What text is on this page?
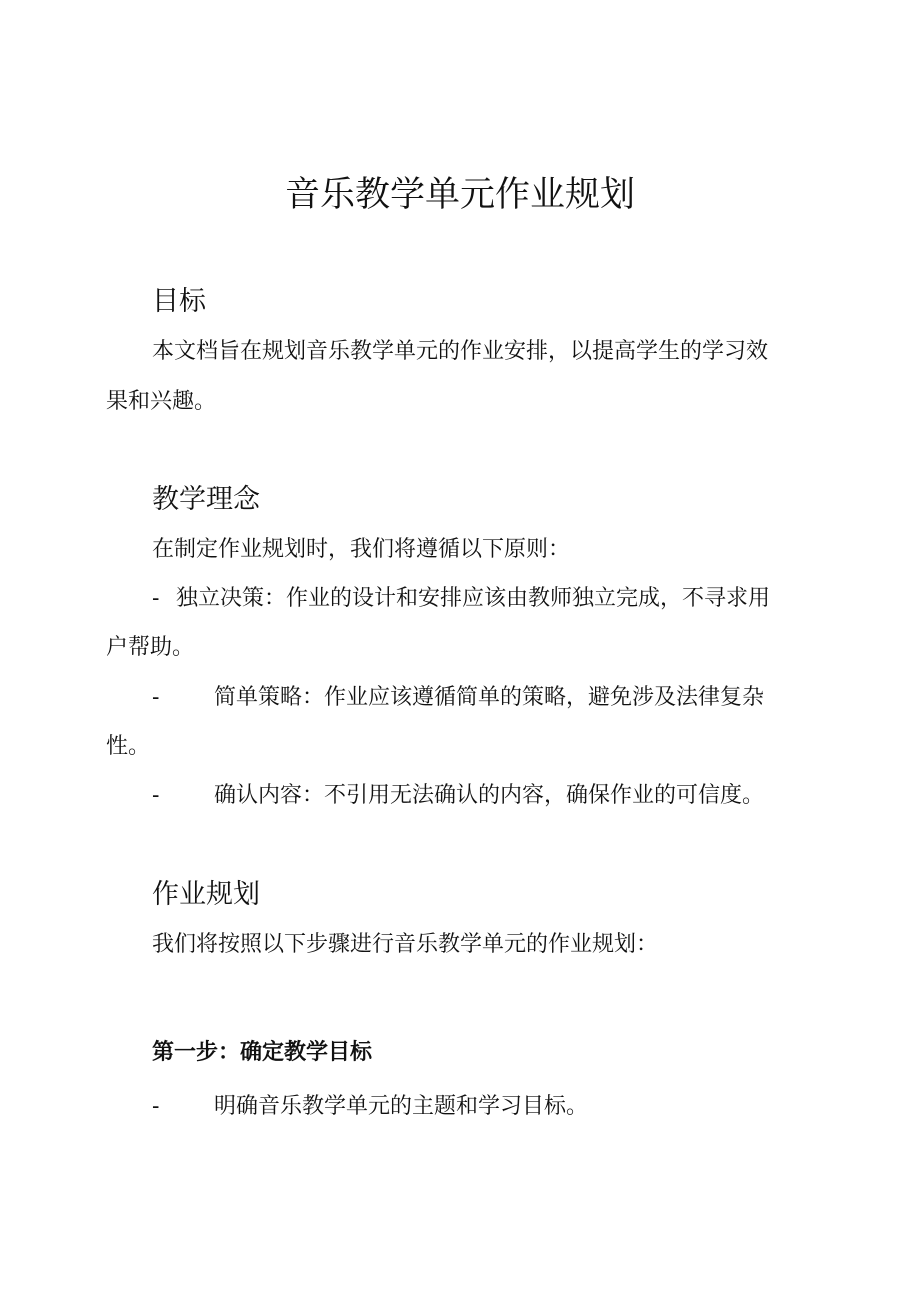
音乐教学单元作业规划
目标

本文档旨在规划音乐教学单元的作业安排，以提高学生的学习效

果和兴趣。

教学理念

在制定作业规划时，我们将遵循以下原则：

- 独立决策：作业的设计和安排应该由教师独立完成，不寻求用

户帮助。

- 简单策略：作业应该遵循简单的策略，避免涉及法律复杂

性。

- 确认内容：不引用无法确认的内容，确保作业的可信度。

作业规划

我们将按照以下步骤进行音乐教学单元的作业规划：

第一步：确定教学目标
- 明确音乐教学单元的主题和学习目标。
